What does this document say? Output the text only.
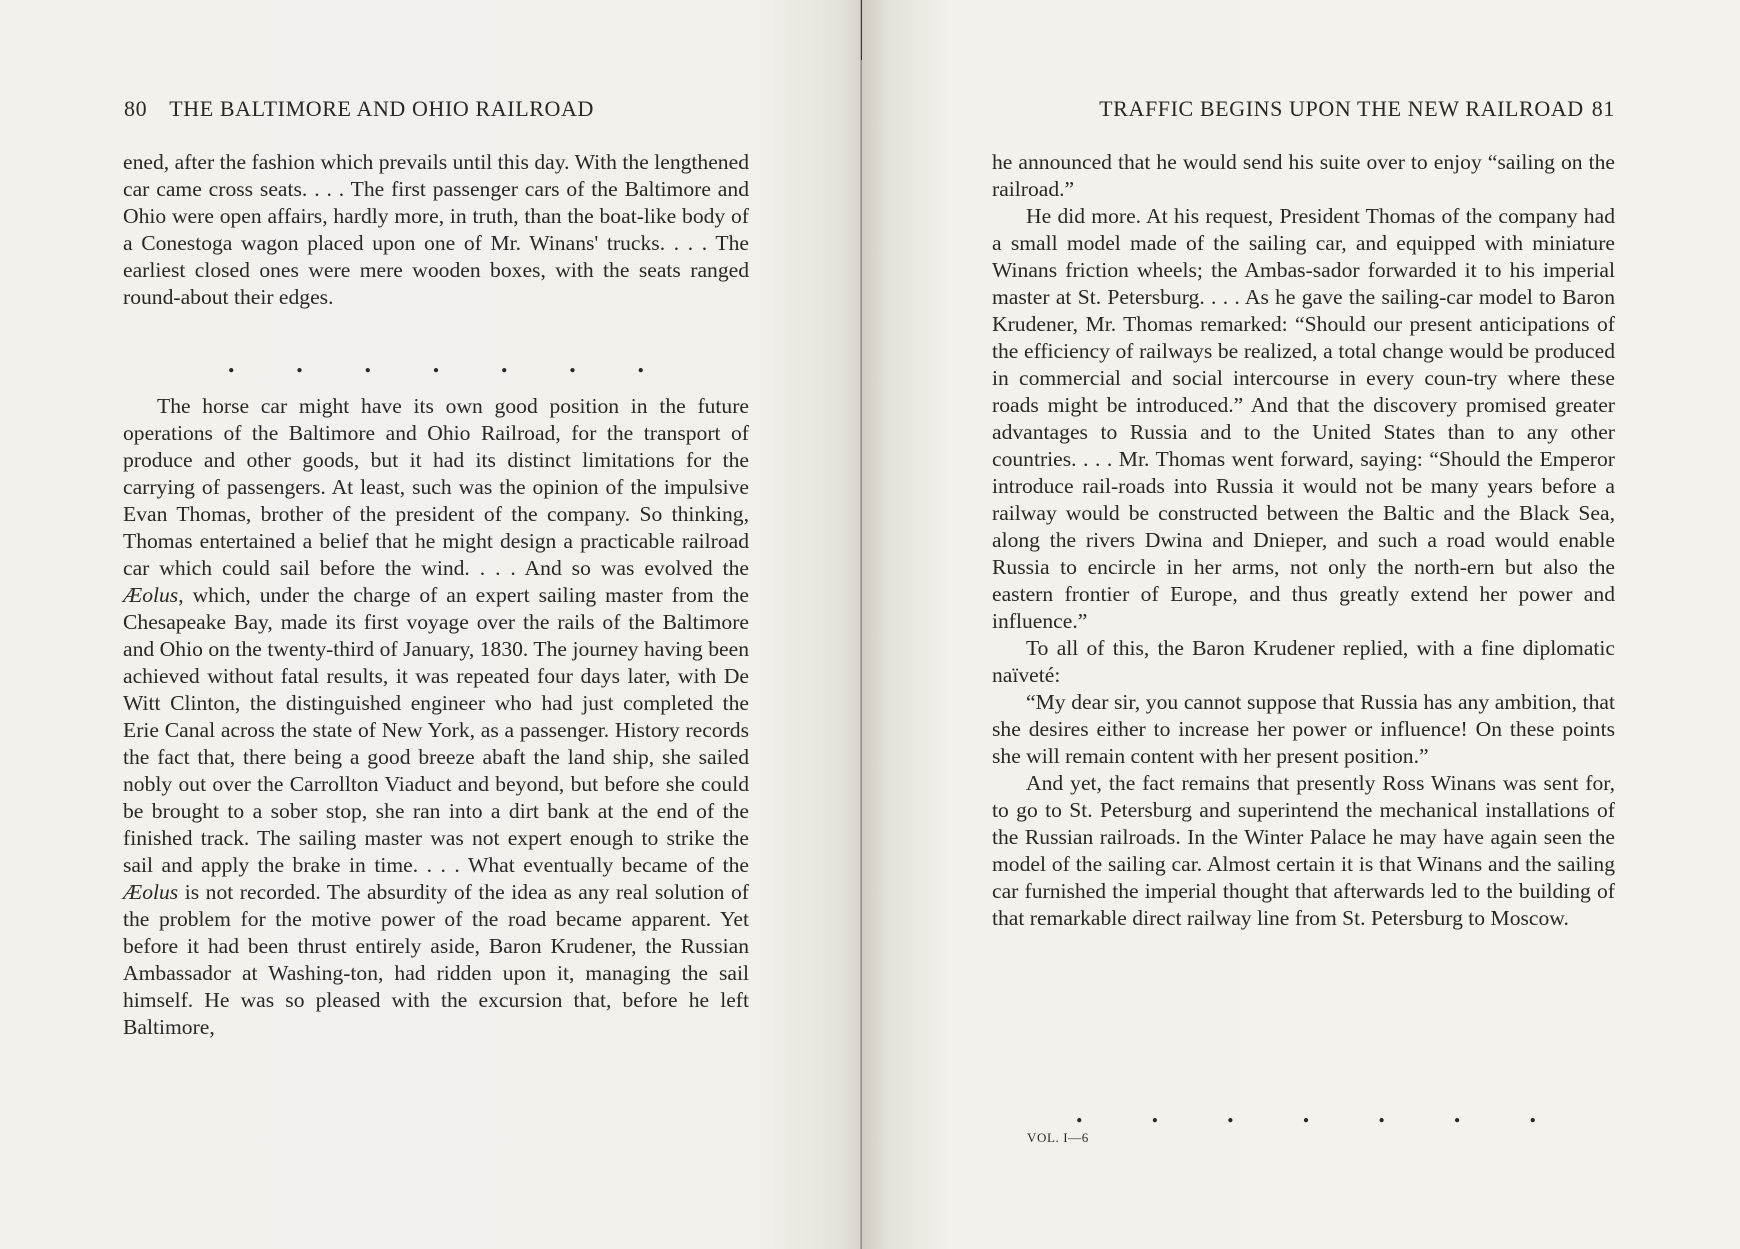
80 THE BALTIMORE AND OHIO RAILROAD

ened, after the fashion which prevails until this day. With the lengthened car came cross seats. . . . The first passenger cars of the Baltimore and Ohio were open affairs, hardly more, in truth, than the boat-like body of a Conestoga wagon placed upon one of Mr. Winans' trucks. . . . The earliest closed ones were mere wooden boxes, with the seats ranged round-about their edges.

. . . . . . .

The horse car might have its own good position in the future operations of the Baltimore and Ohio Railroad, for the transport of produce and other goods, but it had its distinct limitations for the carrying of passengers. At least, such was the opinion of the impulsive Evan Thomas, brother of the president of the company. So thinking, Thomas entertained a belief that he might design a practicable railroad car which could sail before the wind. . . . And so was evolved the Æolus, which, under the charge of an expert sailing master from the Chesapeake Bay, made its first voyage over the rails of the Baltimore and Ohio on the twenty-third of January, 1830. The journey having been achieved without fatal results, it was repeated four days later, with De Witt Clinton, the distinguished engineer who had just completed the Erie Canal across the state of New York, as a passenger. History records the fact that, there being a good breeze abaft the land ship, she sailed nobly out over the Carrollton Viaduct and beyond, but before she could be brought to a sober stop, she ran into a dirt bank at the end of the finished track. The sailing master was not expert enough to strike the sail and apply the brake in time. . . . What eventually became of the Æolus is not recorded. The absurdity of the idea as any real solution of the problem for the motive power of the road became apparent. Yet before it had been thrust entirely aside, Baron Krudener, the Russian Ambassador at Washing-ton, had ridden upon it, managing the sail himself. He was so pleased with the excursion that, before he left Baltimore,

TRAFFIC BEGINS UPON THE NEW RAILROAD 81

he announced that he would send his suite over to enjoy “sailing on the railroad.”

He did more. At his request, President Thomas of the company had a small model made of the sailing car, and equipped with miniature Winans friction wheels; the Ambas-sador forwarded it to his imperial master at St. Petersburg. . . . As he gave the sailing-car model to Baron Krudener, Mr. Thomas remarked: “Should our present anticipations of the efficiency of railways be realized, a total change would be produced in commercial and social intercourse in every coun-try where these roads might be introduced.” And that the discovery promised greater advantages to Russia and to the United States than to any other countries. . . . Mr. Thomas went forward, saying: “Should the Emperor introduce rail-roads into Russia it would not be many years before a railway would be constructed between the Baltic and the Black Sea, along the rivers Dwina and Dnieper, and such a road would enable Russia to encircle in her arms, not only the north-ern but also the eastern frontier of Europe, and thus greatly extend her power and influence.”

To all of this, the Baron Krudener replied, with a fine diplomatic naïveté:

“My dear sir, you cannot suppose that Russia has any ambition, that she desires either to increase her power or influence! On these points she will remain content with her present position.”

And yet, the fact remains that presently Ross Winans was sent for, to go to St. Petersburg and superintend the mechanical installations of the Russian railroads. In the Winter Palace he may have again seen the model of the sailing car. Almost certain it is that Winans and the sailing car furnished the imperial thought that afterwards led to the building of that remarkable direct railway line from St. Petersburg to Moscow.

.	.	.	.	.	.	.
VOL. I—6
